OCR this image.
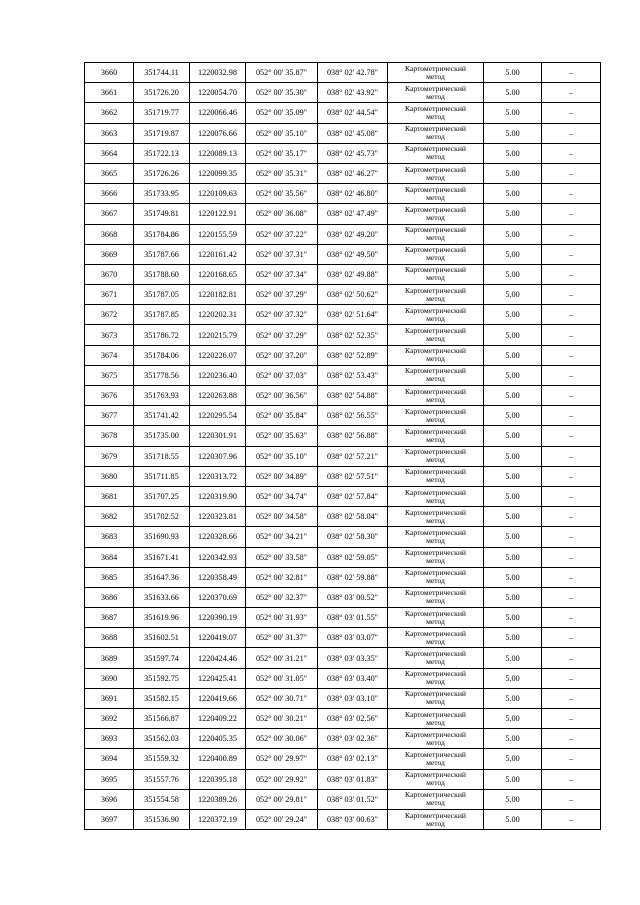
3660	351744.11	1220032.98	052° 00' 35.87"	038° 02' 42.78"	Картометрический
метод	5.00	–
3661	351726.20	1220054.70	052° 00' 35.30"	038° 02' 43.92"	Картометрический
метод	5.00	–
3662	351719.77	1220066.46	052° 00' 35.09"	038° 02' 44.54"	Картометрический
метод	5.00	–
3663	351719.87	1220076.66	052° 00' 35.10"	038° 02' 45.08"	Картометрический
метод	5.00	–
3664	351722.13	1220089.13	052° 00' 35.17"	038° 02' 45.73"	Картометрический
метод	5.00	–
3665	351726.26	1220099.35	052° 00' 35.31"	038° 02' 46.27"	Картометрический
метод	5.00	–
3666	351733.95	1220109.63	052° 00' 35.56"	038° 02' 46.80"	Картометрический
метод	5.00	–
3667	351749.81	1220122.91	052° 00' 36.08"	038° 02' 47.49"	Картометрический
метод	5.00	–
3668	351784.86	1220155.59	052° 00' 37.22"	038° 02' 49.20"	Картометрический
метод	5.00	–
3669	351787.66	1220161.42	052° 00' 37.31"	038° 02' 49.50"	Картометрический
метод	5.00	–
3670	351788.60	1220168.65	052° 00' 37.34"	038° 02' 49.88"	Картометрический
метод	5.00	–
3671	351787.05	1220182.81	052° 00' 37.29"	038° 02' 50.62"	Картометрический
метод	5.00	–
3672	351787.85	1220202.31	052° 00' 37.32"	038° 02' 51.64"	Картометрический
метод	5.00	–
3673	351786.72	1220215.79	052° 00' 37.29"	038° 02' 52.35"	Картометрический
метод	5.00	–
3674	351784.06	1220226.07	052° 00' 37.20"	038° 02' 52.89"	Картометрический
метод	5.00	–
3675	351778.56	1220236.40	052° 00' 37.03"	038° 02' 53.43"	Картометрический
метод	5.00	–
3676	351763.93	1220263.88	052° 00' 36.56"	038° 02' 54.88"	Картометрический
метод	5.00	–
3677	351741.42	1220295.54	052° 00' 35.84"	038° 02' 56.55"	Картометрический
метод	5.00	–
3678	351735.00	1220301.91	052° 00' 35.63"	038° 02' 56.88"	Картометрический
метод	5.00	–
3679	351718.55	1220307.96	052° 00' 35.10"	038° 02' 57.21"	Картометрический
метод	5.00	–
3680	351711.85	1220313.72	052° 00' 34.89"	038° 02' 57.51"	Картометрический
метод	5.00	–
3681	351707.25	1220319.90	052° 00' 34.74"	038° 02' 57.84"	Картометрический
метод	5.00	–
3682	351702.52	1220323.81	052° 00' 34.58"	038° 02' 58.04"	Картометрический
метод	5.00	–
3683	351690.93	1220328.66	052° 00' 34.21"	038° 02' 58.30"	Картометрический
метод	5.00	–
3684	351671.41	1220342.93	052° 00' 33.58"	038° 02' 59.05"	Картометрический
метод	5.00	–
3685	351647.36	1220358.49	052° 00' 32.81"	038° 02' 59.88"	Картометрический
метод	5.00	–
3686	351633.66	1220370.69	052° 00' 32.37"	038° 03' 00.52"	Картометрический
метод	5.00	–
3687	351619.96	1220390.19	052° 00' 31.93"	038° 03' 01.55"	Картометрический
метод	5.00	–
3688	351602.51	1220419.07	052° 00' 31.37"	038° 03' 03.07"	Картометрический
метод	5.00	–
3689	351597.74	1220424.46	052° 00' 31.21"	038° 03' 03.35"	Картометрический
метод	5.00	–
3690	351592.75	1220425.41	052° 00' 31.05"	038° 03' 03.40"	Картометрический
метод	5.00	–
3691	351582.15	1220419.66	052° 00' 30.71"	038° 03' 03.10"	Картометрический
метод	5.00	–
3692	351566.87	1220409.22	052° 00' 30.21"	038° 03' 02.56"	Картометрический
метод	5.00	–
3693	351562.03	1220405.35	052° 00' 30.06"	038° 03' 02.36"	Картометрический
метод	5.00	–
3694	351559.32	1220400.89	052° 00' 29.97"	038° 03' 02.13"	Картометрический
метод	5.00	–
3695	351557.76	1220395.18	052° 00' 29.92"	038° 03' 01.83"	Картометрический
метод	5.00	–
3696	351554.58	1220389.26	052° 00' 29.81"	038° 03' 01.52"	Картометрический
метод	5.00	–
3697	351536.90	1220372.19	052° 00' 29.24"	038° 03' 00.63"	Картометрический
метод	5.00	–
